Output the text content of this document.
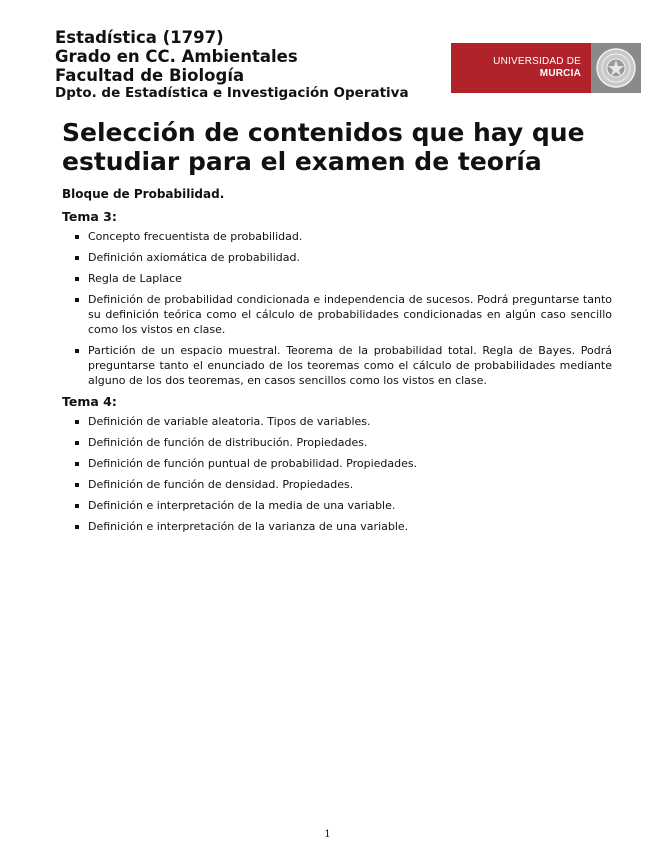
Estadística (1797)

Grado en CC. Ambientales

Facultad de Biología

Dpto. de Estadística e Investigación Operativa

UNIVERSIDAD DE
MURCIA
Selección de contenidos que hay que estudiar para el examen de teoría

Bloque de Probabilidad.

Tema 3:

Concepto frecuentista de probabilidad.
Definición axiomática de probabilidad.
Regla de Laplace
Definición de probabilidad condicionada e independencia de sucesos. Podrá preguntarse tanto su definición teórica como el cálculo de probabilidades condicionadas en algún caso sencillo como los vistos en clase.
Partición de un espacio muestral. Teorema de la probabilidad total. Regla de Bayes. Podrá preguntarse tanto el enunciado de los teoremas como el cálculo de probabilidades mediante alguno de los dos teoremas, en casos sencillos como los vistos en clase.

Tema 4:

Definición de variable aleatoria. Tipos de variables.
Definición de función de distribución. Propiedades.
Definición de función puntual de probabilidad. Propiedades.
Definición de función de densidad. Propiedades.
Definición e interpretación de la media de una variable.
Definición e interpretación de la varianza de una variable.
1
